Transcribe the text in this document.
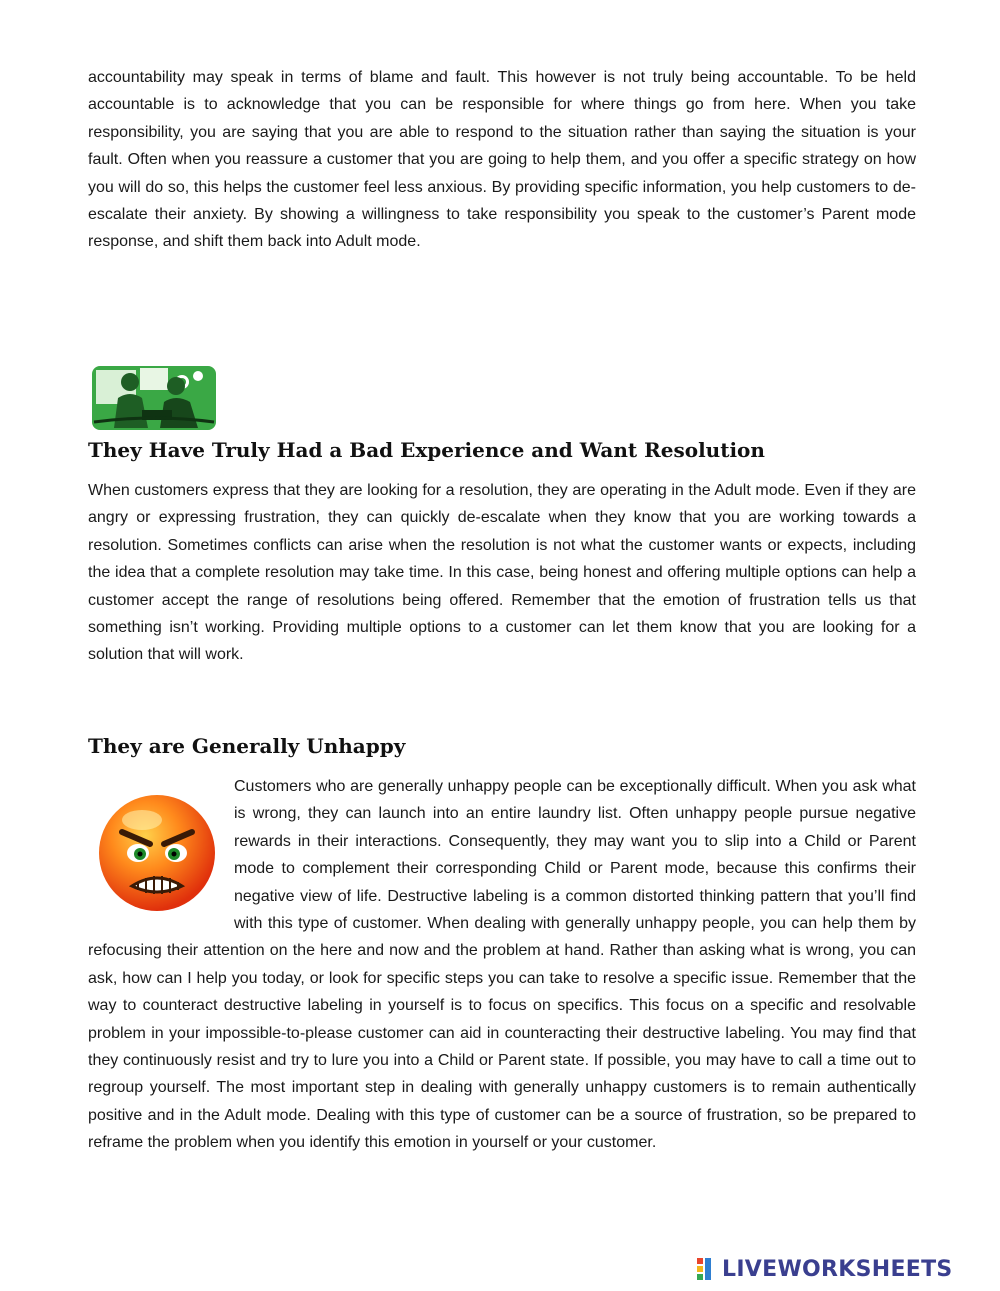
accountability may speak in terms of blame and fault. This however is not truly being accountable. To be held accountable is to acknowledge that you can be responsible for where things go from here. When you take responsibility, you are saying that you are able to respond to the situation rather than saying the situation is your fault. Often when you reassure a customer that you are going to help them, and you offer a specific strategy on how you will do so, this helps the customer feel less anxious. By providing specific information, you help customers to de-escalate their anxiety. By showing a willingness to take responsibility you speak to the customer’s Parent mode response, and shift them back into Adult mode.

They Have Truly Had a Bad Experience and Want Resolution

When customers express that they are looking for a resolution, they are operating in the Adult mode. Even if they are angry or expressing frustration, they can quickly de-escalate when they know that you are working towards a resolution. Sometimes conflicts can arise when the resolution is not what the customer wants or expects, including the idea that a complete resolution may take time. In this case, being honest and offering multiple options can help a customer accept the range of resolutions being offered. Remember that the emotion of frustration tells us that something isn’t working. Providing multiple options to a customer can let them know that you are looking for a solution that will work.

They are Generally Unhappy

Customers who are generally unhappy people can be exceptionally difficult. When you ask what is wrong, they can launch into an entire laundry list. Often unhappy people pursue negative rewards in their interactions. Consequently, they may want you to slip into a Child or Parent mode to complement their corresponding Child or Parent mode, because this confirms their negative view of life. Destructive labeling is a common distorted thinking pattern that you’ll find with this type of customer. When dealing with generally unhappy people, you can help them by refocusing their attention on the here and now and the problem at hand. Rather than asking what is wrong, you can ask, how can I help you today, or look for specific steps you can take to resolve a specific issue. Remember that the way to counteract destructive labeling in yourself is to focus on specifics. This focus on a specific and resolvable problem in your impossible-to-please customer can aid in counteracting their destructive labeling. You may find that they continuously resist and try to lure you into a Child or Parent state. If possible, you may have to call a time out to regroup yourself. The most important step in dealing with generally unhappy customers is to remain authentically positive and in the Adult mode. Dealing with this type of customer can be a source of frustration, so be prepared to reframe the problem when you identify this emotion in yourself or your customer.

LIVEWORKSHEETS
